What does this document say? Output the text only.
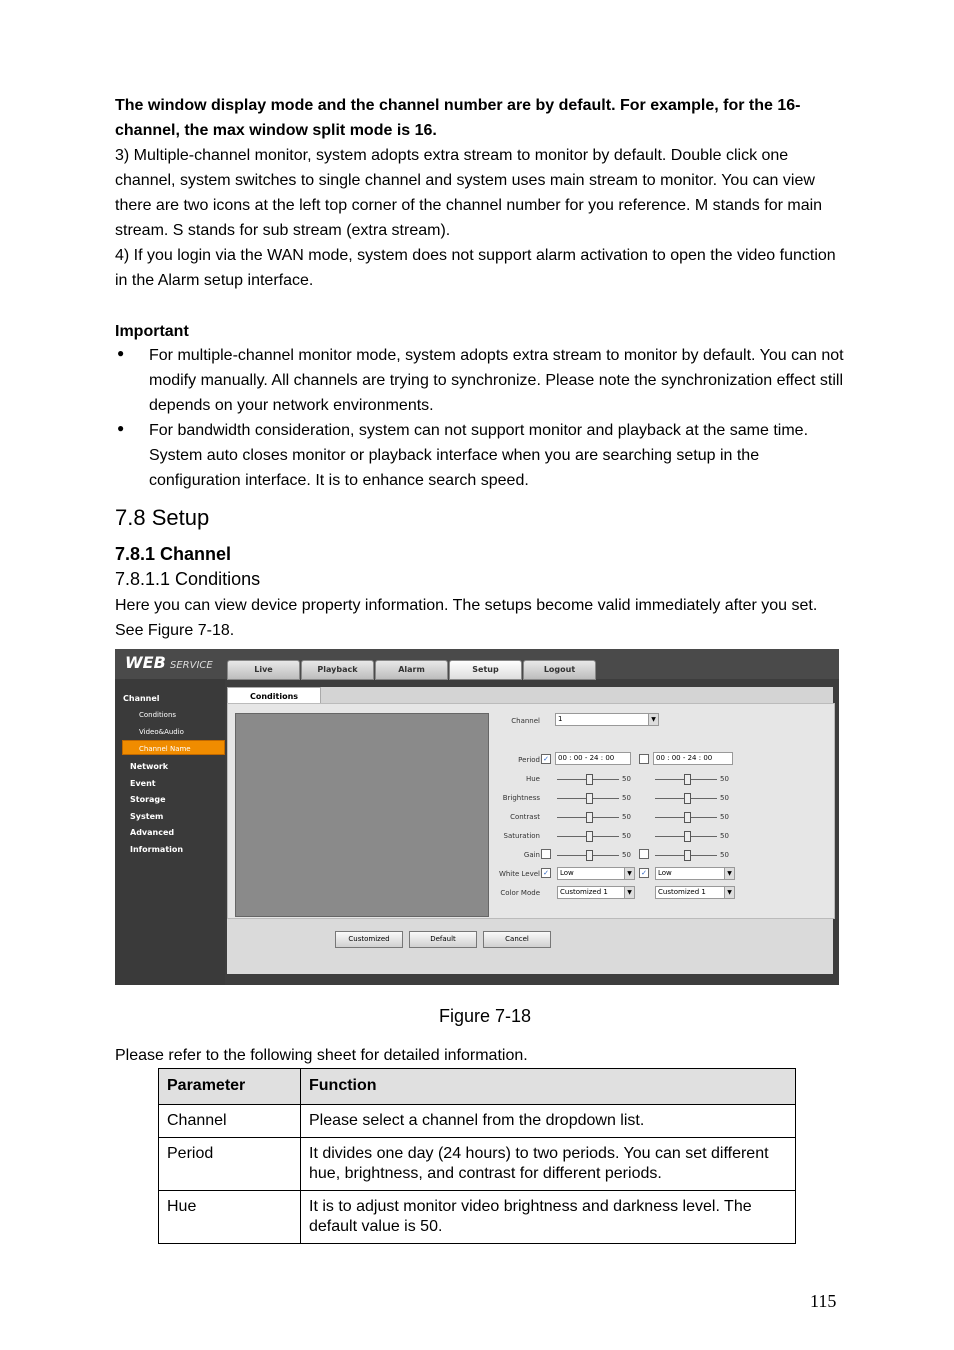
The window display mode and the channel number are by default. For example, for the 16-channel, the max window split mode is 16.
3) Multiple-channel monitor, system adopts extra stream to monitor by default. Double click one channel, system switches to single channel and system uses main stream to monitor. You can view there are two icons at the left top corner of the channel number for you reference. M stands for main stream. S stands for sub stream (extra stream).
4) If you login via the WAN mode, system does not support alarm activation to open the video function in the Alarm setup interface.
Important
● For multiple-channel monitor mode, system adopts extra stream to monitor by default. You can not modify manually. All channels are trying to synchronize. Please note the synchronization effect still depends on your network environments.
● For bandwidth consideration, system can not support monitor and playback at the same time. System auto closes monitor or playback interface when you are searching setup in the configuration interface. It is to enhance search speed.
7.8 Setup
7.8.1 Channel
7.8.1.1 Conditions
Here you can view device property information. The setups become valid immediately after you set. See Figure 7-18.
WEB SERVICE	Live	Playback	Alarm	Setup	Logout
Channel
Conditions
Video&Audio
Channel Name
Network
Event
Storage
System
Advanced
Information
Conditions
Channel	1	▼
Period ✓	00 : 00 - 24 : 00	00 : 00 - 24 : 00
Hue	50	50
Brightness	50	50
Contrast	50	50
Saturation	50	50
Gain	50	50
White Level ✓	Low	▼	✓	Low	▼
Color Mode	Customized 1	▼	Customized 1	▼
Customized	Default	Cancel
Figure 7-18
Please refer to the following sheet for detailed information.
Parameter	Function
Channel	Please select a channel from the dropdown list.
Period	It divides one day (24 hours) to two periods. You can set different hue, brightness, and contrast for different periods.
Hue	It is to adjust monitor video brightness and darkness level. The default value is 50.
115
